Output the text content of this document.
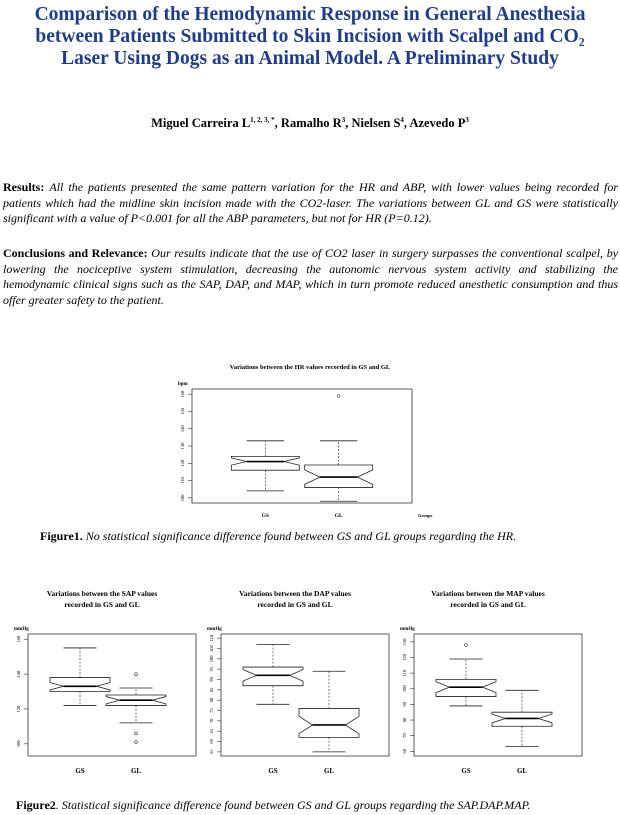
Comparison of the Hemodynamic Response in General Anesthesia between Patients Submitted to Skin Incision with Scalpel and CO₂ Laser Using Dogs as an Animal Model. A Preliminary Study
Miguel Carreira $L^{1, 2, 3, *}$, Ramalho $R^3$, Nielsen $S^4$, Azevedo $P^3$

Results: All the patients presented the same pattern variation for the HR and ABP, with lower values being recorded for patients which had the midline skin incision made with the CO2-laser. The variations between GL and GS were statistically significant with a value of P<0.001 for all the ABP parameters, but not for HR (P=0.12).

Conclusions and Relevance: Our results indicate that the use of CO2 laser in surgery surpasses the conventional scalpel, by lowering the nociceptive system stimulation, decreasing the autonomic nervous system activity and stabilizing the hemodynamic clinical signs such as the SAP, DAP, and MAP, which in turn promote reduced anesthetic consumption and thus offer greater safety to the patient.

Variations between the HR values recorded in GS and GL
bpm
100
110
120
130
140
150
160
GS	GL	Groups
Figure1. No statistical significance difference found between GS and GL groups regarding the HR.
Variations between the SAP values
recorded in GS and GL
mmHg
100
120
140
160
GS	GL
Variations between the DAP values
recorded in GS and GL
mmHg
55
60
65
70
75
80
85
90
95
100
105
110
GS	GL
Variations between the MAP values
recorded in GS and GL
mmHg
60
70
80
90
100
110
120
130
GS	GL
Figure2. Statistical significance difference found between GS and GL groups regarding the SAP.DAP.MAP.
